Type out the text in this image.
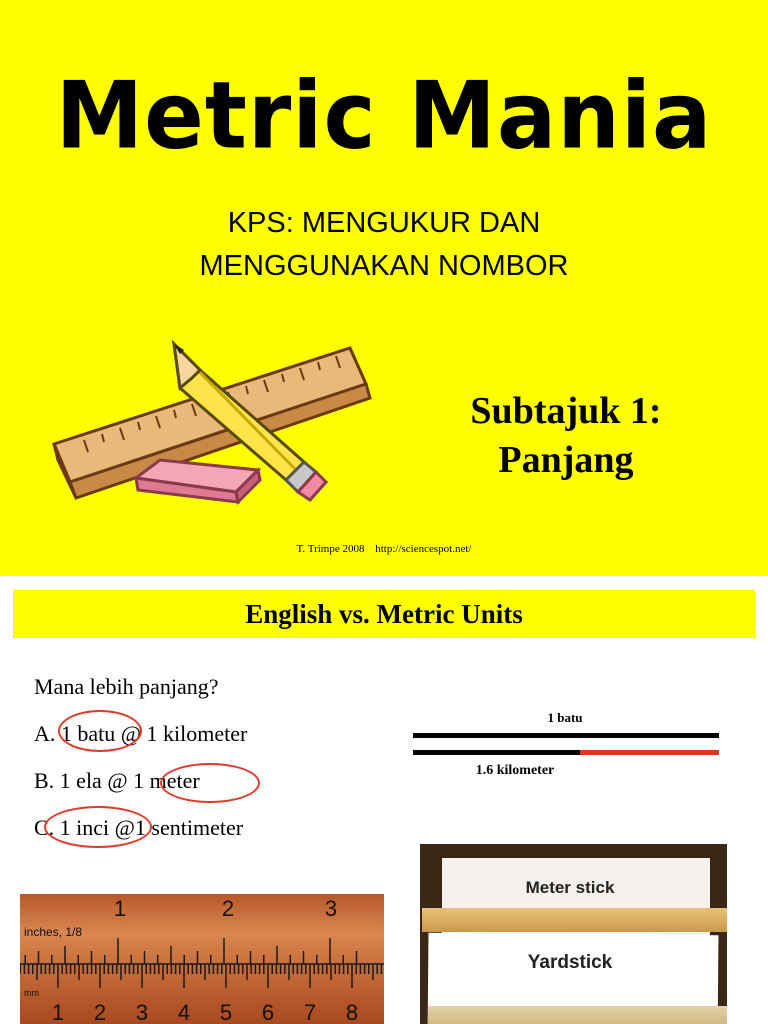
Metric Mania
KPS: MENGUKUR DAN
MENGGUNAKAN NOMBOR
Subtajuk 1:
Panjang
T. Trimpe 2008 http://sciencespot.net/
English vs. Metric Units
Mana lebih panjang?
A. 1 batu @ 1 kilometer
B. 1 ela @ 1 meter
C. 1 inci @1 sentimeter
1 batu
1.6 kilometer
inches, 1/8
mm
1	2	3
1 2 3 4 5 6 7 8
Meter stick
Yardstick
